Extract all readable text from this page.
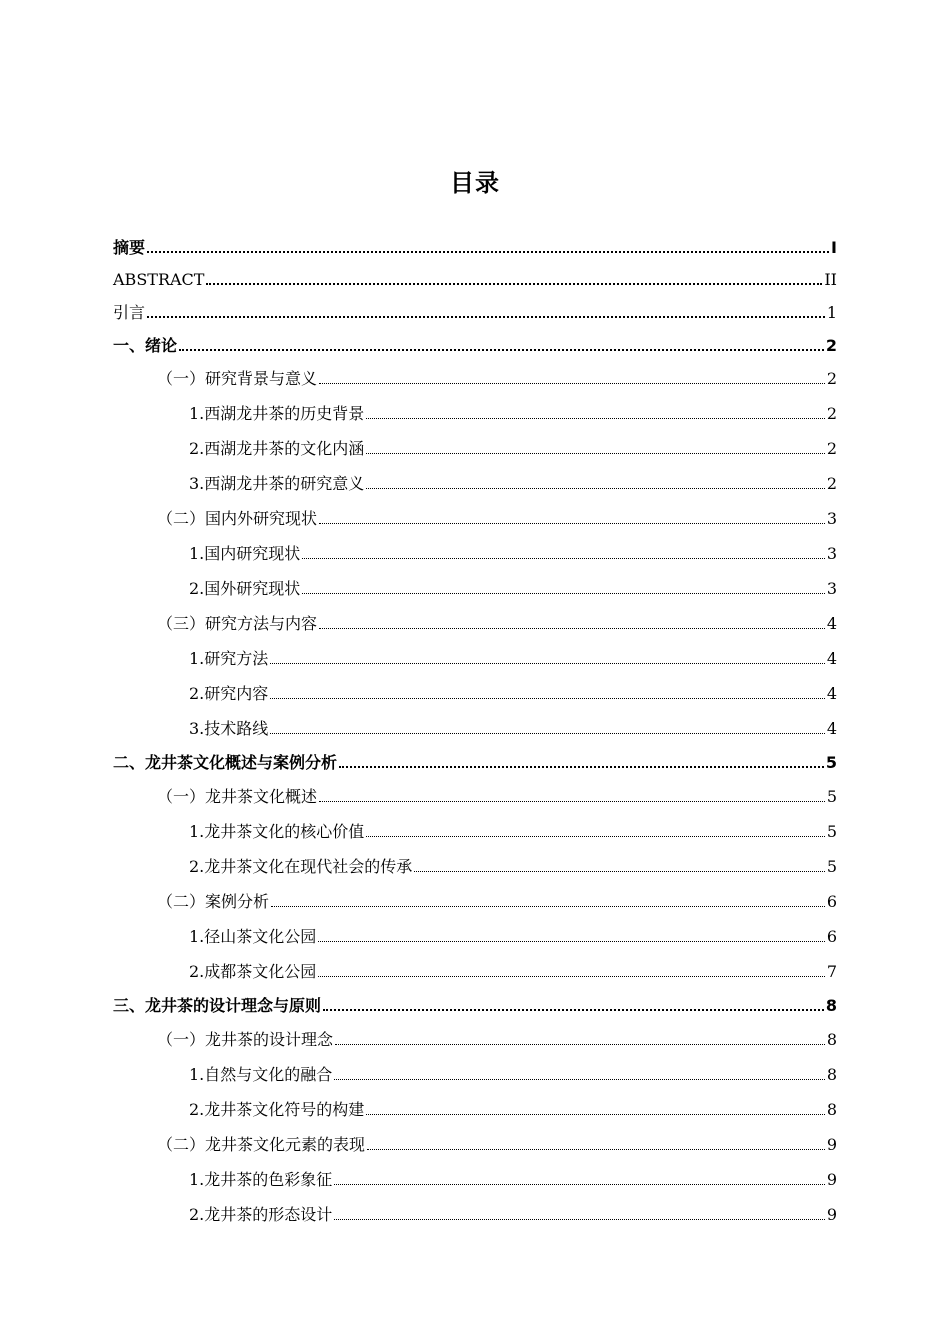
目录
摘要	I
ABSTRACT	II
引言	1
一、绪论	2
（一）研究背景与意义	2
1.西湖龙井茶的历史背景	2
2.西湖龙井茶的文化内涵	2
3.西湖龙井茶的研究意义	2
（二）国内外研究现状	3
1.国内研究现状	3
2.国外研究现状	3
（三）研究方法与内容	4
1.研究方法	4
2.研究内容	4
3.技术路线	4
二、龙井茶文化概述与案例分析	5
（一）龙井茶文化概述	5
1.龙井茶文化的核心价值	5
2.龙井茶文化在现代社会的传承	5
（二）案例分析	6
1.径山茶文化公园	6
2.成都茶文化公园	7
三、龙井茶的设计理念与原则	8
（一）龙井茶的设计理念	8
1.自然与文化的融合	8
2.龙井茶文化符号的构建	8
（二）龙井茶文化元素的表现	9
1.龙井茶的色彩象征	9
2.龙井茶的形态设计	9
